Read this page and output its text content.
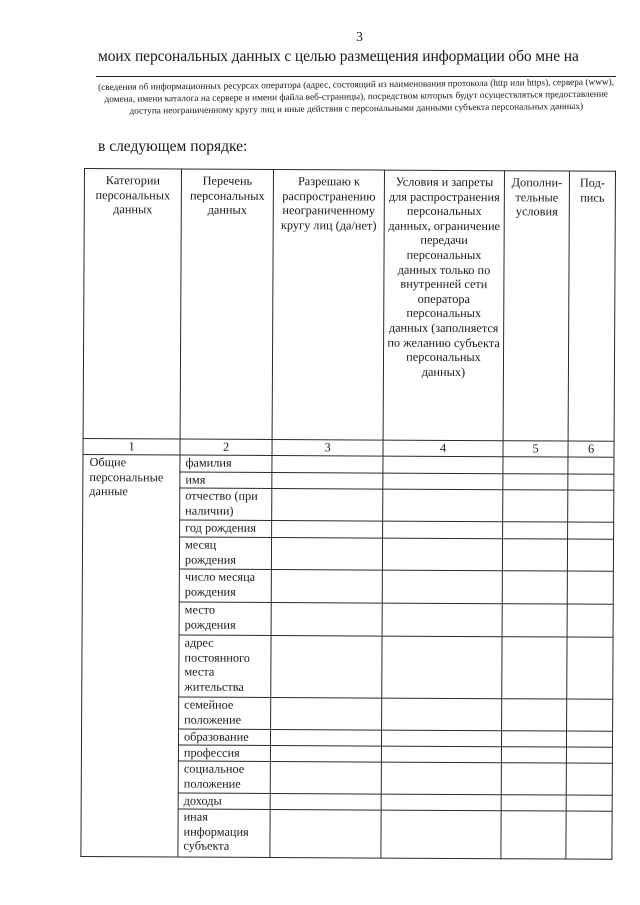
3
моих персональных данных с целью размещения информации обо мне на
(сведения об информационных ресурсах оператора (адрес, состоящий из наименования протокола (http или https), сервера (www), домена, имени каталога на сервере и имени файла веб-страницы), посредством которых будут осуществляться предоставление доступа неограниченному кругу лиц и иные действия с персональными данными субъекта персональных данных)
в следующем порядке:
Категории персональных данных	Перечень персональных данных	Разрешаю к распространению неограниченному кругу лиц (да/нет)	Условия и запреты для распространения персональных данных, ограничение передачи персональных данных только по внутренней сети оператора персональных данных (заполняется по желанию субъекта персональных данных)	Дополни-тельные условия	Под-пись
1	2	3	4	5	6
Общие персональные данные	фамилия				
	имя				
	отчество (при наличии)				
	год рождения				
	месяц рождения				
	число месяца рождения				
	место рождения				
	адрес постоянного места жительства				
	семейное положение				
	образование				
	профессия				
	социальное положение				
	доходы				
	иная информация субъекта				
